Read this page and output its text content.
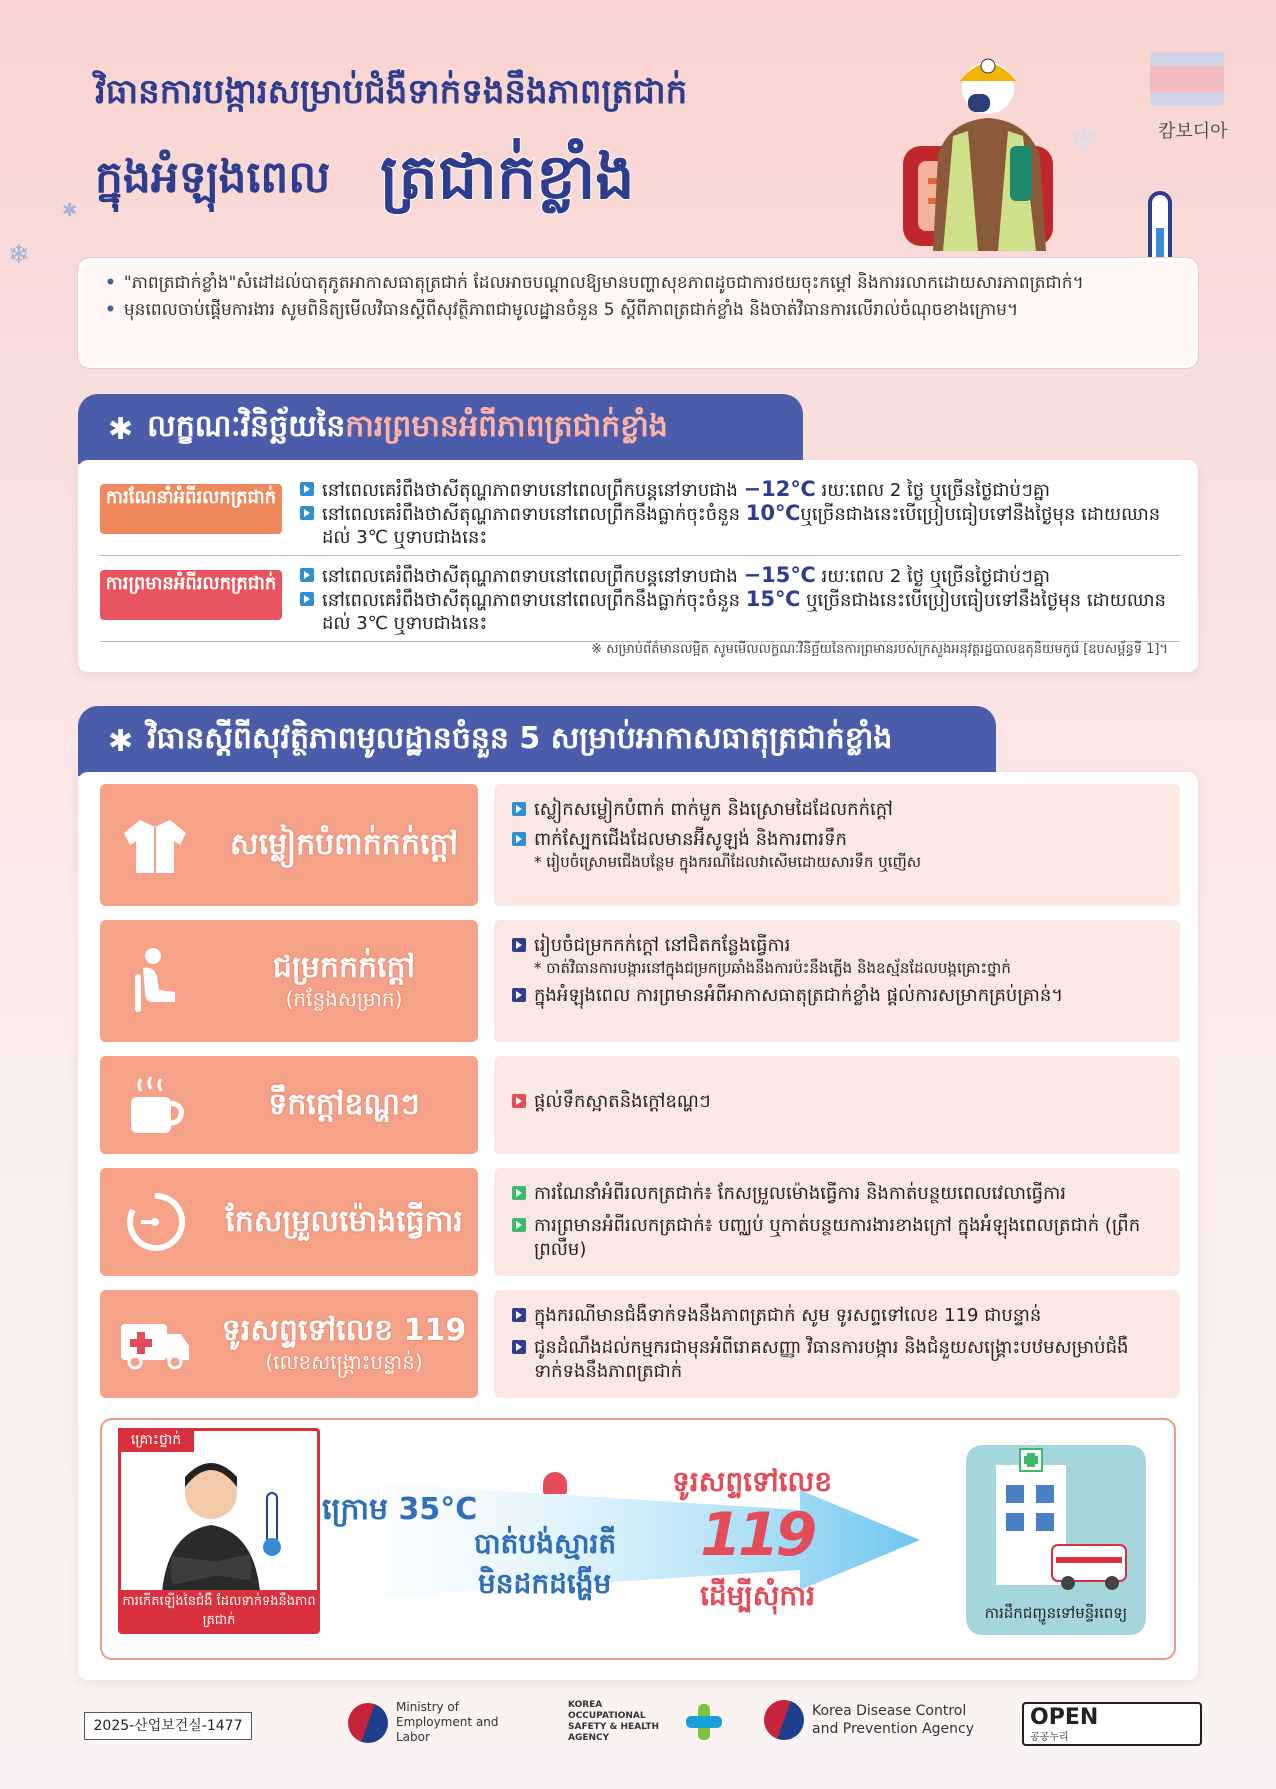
❄
✱
❄
វិធានការបង្ការសម្រាប់ជំងឺទាក់ទងនឹងភាពត្រជាក់
ក្នុងអំឡុងពេល ត្រជាក់ខ្លាំង
캄보디아
• "ភាពត្រជាក់ខ្លាំង"សំដៅដល់បាតុភូតអាកាសធាតុត្រជាក់ ដែលអាចបណ្តាលឱ្យមានបញ្ហាសុខភាពដូចជាការថយចុះកម្តៅ និងការរលាកដោយសារភាពត្រជាក់។
• មុនពេលចាប់ផ្តើមការងារ សូមពិនិត្យមើលវិធានស្តីពីសុវត្ថិភាពជាមូលដ្ឋានចំនួន 5 ស្តីពីភាពត្រជាក់ខ្លាំង និងចាត់វិធានការលើរាល់ចំណុចខាងក្រោម។
✱ លក្ខណៈវិនិច្ឆ័យនៃការព្រមានអំពីភាពត្រជាក់ខ្លាំង
ការណែនាំអំពីរលកត្រជាក់	នៅពេលគេរំពឹងថាសីតុណ្ហភាពទាបនៅពេលព្រឹកបន្តនៅទាបជាង −12℃ រយៈពេល 2 ថ្ងៃ ឬច្រើនថ្ងៃជាប់ៗគ្នា
នៅពេលគេរំពឹងថាសីតុណ្ហភាពទាបនៅពេលព្រឹកនឹងធ្លាក់ចុះចំនួន 10℃ឬច្រើនជាងនេះបើប្រៀបធៀបទៅនឹងថ្ងៃមុន ដោយឈានដល់ 3℃ ឬទាបជាងនេះ
ការព្រមានអំពីរលកត្រជាក់	នៅពេលគេរំពឹងថាសីតុណ្ហភាពទាបនៅពេលព្រឹកបន្តនៅទាបជាង −15℃ រយៈពេល 2 ថ្ងៃ ឬច្រើនថ្ងៃជាប់ៗគ្នា
នៅពេលគេរំពឹងថាសីតុណ្ហភាពទាបនៅពេលព្រឹកនឹងធ្លាក់ចុះចំនួន 15℃ ឬច្រើនជាងនេះបើប្រៀបធៀបទៅនឹងថ្ងៃមុន ដោយឈានដល់ 3℃ ឬទាបជាងនេះ
※ សម្រាប់ព័ត៌មានលម្អិត សូមមើលលក្ខណៈវិនិច្ឆ័យនៃការព្រមានរបស់ក្រសួងអនុវត្តរដ្ឋបាលឧតុនិយមកូរ៉េ [ឧបសម្ព័ន្ធទី 1]។
✱ វិធានស្តីពីសុវត្ថិភាពមូលដ្ឋានចំនួន 5 សម្រាប់អាកាសធាតុត្រជាក់ខ្លាំង
សម្លៀកបំពាក់កក់ក្តៅ
ស្លៀកសម្លៀកបំពាក់ ពាក់មួក និងស្រោមដៃដែលកក់ក្តៅ
ពាក់ស្បែកជើងដែលមានអ៊ីសូឡង់ និងការពារទឹក
* រៀបចំស្រោមជើងបន្ថែម ក្នុងករណីដែលវាសើមដោយសារទឹក ឬញើស
ជម្រកកក់ក្តៅ
(កន្លែងសម្រាក)
រៀបចំជម្រកកក់ក្តៅ នៅជិតកន្លែងធ្វើការ
* ចាត់វិធានការបង្ការនៅក្នុងជម្រកប្រឆាំងនឹងការប៉ះនឹងភ្លើង និងឧស្ម័នដែលបង្កគ្រោះថ្នាក់
ក្នុងអំឡុងពេល ការព្រមានអំពីអាកាសធាតុត្រជាក់ខ្លាំង ផ្តល់ការសម្រាកគ្រប់គ្រាន់។
ទឹកក្តៅឧណ្ហៗ	ផ្តល់ទឹកស្អាតនិងក្តៅឧណ្ហៗ
កែសម្រួលម៉ោងធ្វើការ
ការណែនាំអំពីរលកត្រជាក់៖ កែសម្រួលម៉ោងធ្វើការ និងកាត់បន្ថយពេលវេលាធ្វើការ
ការព្រមានអំពីរលកត្រជាក់៖ បញ្ឈប់ ឬកាត់បន្ថយការងារខាងក្រៅ ក្នុងអំឡុងពេលត្រជាក់ (ព្រឹកព្រលឹម)
ទូរសព្ទទៅលេខ 119
(លេខសង្គ្រោះបន្ទាន់)
ក្នុងករណីមានជំងឺទាក់ទងនឹងភាពត្រជាក់ សូម ទូរសព្ទទៅលេខ 119 ជាបន្ទាន់
ជូនដំណឹងដល់កម្មករជាមុនអំពីរោគសញ្ញា វិធានការបង្ការ និងជំនួយសង្គ្រោះបឋមសម្រាប់ជំងឺទាក់ទងនឹងភាពត្រជាក់
គ្រោះថ្នាក់
ការកើតឡើងនៃជំងឺ ដែលទាក់ទងនឹងភាពត្រជាក់
ក្រោម 35°C
បាត់បង់ស្មារតី
មិនដកដង្ហើម
ទូរសព្ទទៅលេខ
119
ដើម្បីសុំការ
ការដឹកជញ្ជូនទៅមន្ទីរពេទ្យ
2025-산업보건실-1477
Ministry of Employment and Labor
KOREA OCCUPATIONAL SAFETY & HEALTH AGENCY
Korea Disease Control and Prevention Agency	OPEN
공공누리
